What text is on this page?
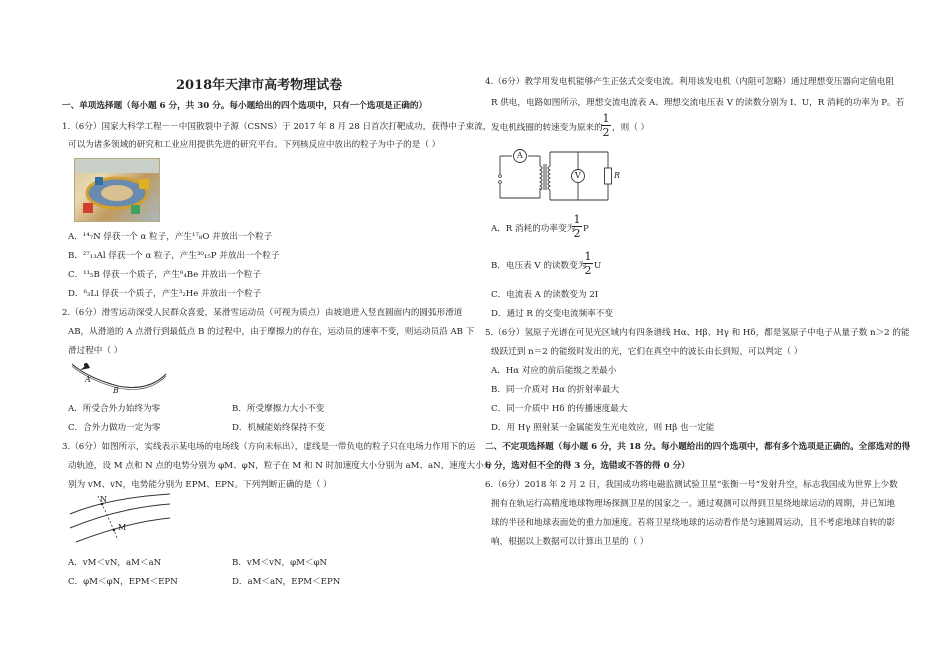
2018年天津市高考物理试卷
一、单项选择题（每小题 6 分，共 30 分。每小题给出的四个选项中，只有一个选项是正确的）
1.（6分）国家大科学工程－－中国散裂中子源（CSNS）于 2017 年 8 月 28 日首次打靶成功，获得中子束流，
可以为诸多领域的研究和工业应用提供先进的研究平台。下列核反应中放出的粒子为中子的是（ ）
A．¹⁴₇N 俘获一个 α 粒子，产生¹⁷₈O 并放出一个粒子
B．²⁷₁₃Al 俘获一个 α 粒子，产生³⁰₁₅P 并放出一个粒子
C．¹¹₅B 俘获一个质子，产生⁸₄Be 并放出一个粒子
D．⁶₃Li 俘获一个质子，产生³₂He 并放出一个粒子
2.（6分）滑雪运动深受人民群众喜爱，某滑雪运动员（可视为质点）由坡道进入竖直圆面内的圆弧形滑道
AB，从滑道的 A 点滑行到最低点 B 的过程中，由于摩擦力的存在，运动员的速率不变，则运动员沿 AB 下
滑过程中（ ）
A
B
A．所受合外力始终为零	B．所受摩擦力大小不变
C．合外力做功一定为零	D．机械能始终保持不变
3.（6分）如图所示，实线表示某电场的电场线（方向未标出），虚线是一带负电的粒子只在电场力作用下的运
动轨迹，设 M 点和 N 点的电势分别为 φM、φN，粒子在 M 和 N 时加速度大小分别为 aM、aN，速度大小分
别为 vM、vN，电势能分别为 EPM、EPN。下列判断正确的是（ ）
N
M
A．vM＜vN，aM＜aN	B．vM＜vN，φM＜φN
C．φM＜φN，EPM＜EPN	D．aM＜aN，EPM＜EPN
4.（6分）教学用发电机能够产生正弦式交变电流。利用该发电机（内阻可忽略）通过理想变压器向定值电阻
R 供电，电路如图所示，理想交流电流表 A、理想交流电压表 V 的读数分别为 I、U，R 消耗的功率为 P。若
发电机线圈的转速变为原来的
$\frac{1}{2}$ ，则（ ）
A
V	R
A．R 消耗的功率变为
$\frac{1}{2}$ P
B．电压表 V 的读数变为
$\frac{1}{2}$ U
C．电流表 A 的读数变为 2I
D．通过 R 的交变电流频率不变
5.（6分）氢原子光谱在可见光区域内有四条谱线 Hα、Hβ、Hγ 和 Hδ，都是氢原子中电子从量子数 n＞2 的能
级跃迁到 n＝2 的能级时发出的光，它们在真空中的波长由长到短，可以判定（ ）
A．Hα 对应的前后能级之差最小
B．同一介质对 Hα 的折射率最大
C．同一介质中 Hδ 的传播速度最大
D．用 Hγ 照射某一金属能发生光电效应，则 Hβ 也一定能
二、不定项选择题（每小题 6 分，共 18 分。每小题给出的四个选项中，都有多个选项是正确的。全部选对的得
6 分，选对但不全的得 3 分，选错或不答的得 0 分）
6.（6分）2018 年 2 月 2 日，我国成功将电磁监测试验卫星“张衡一号”发射升空，标志我国成为世界上少数
拥有在轨运行高精度地球物理场探测卫星的国家之一。通过观测可以得到卫星绕地球运动的周期，并已知地
球的半径和地球表面处的重力加速度。若将卫星绕地球的运动看作是匀速圆周运动，且不考虑地球自转的影
响，根据以上数据可以计算出卫星的（ ）
